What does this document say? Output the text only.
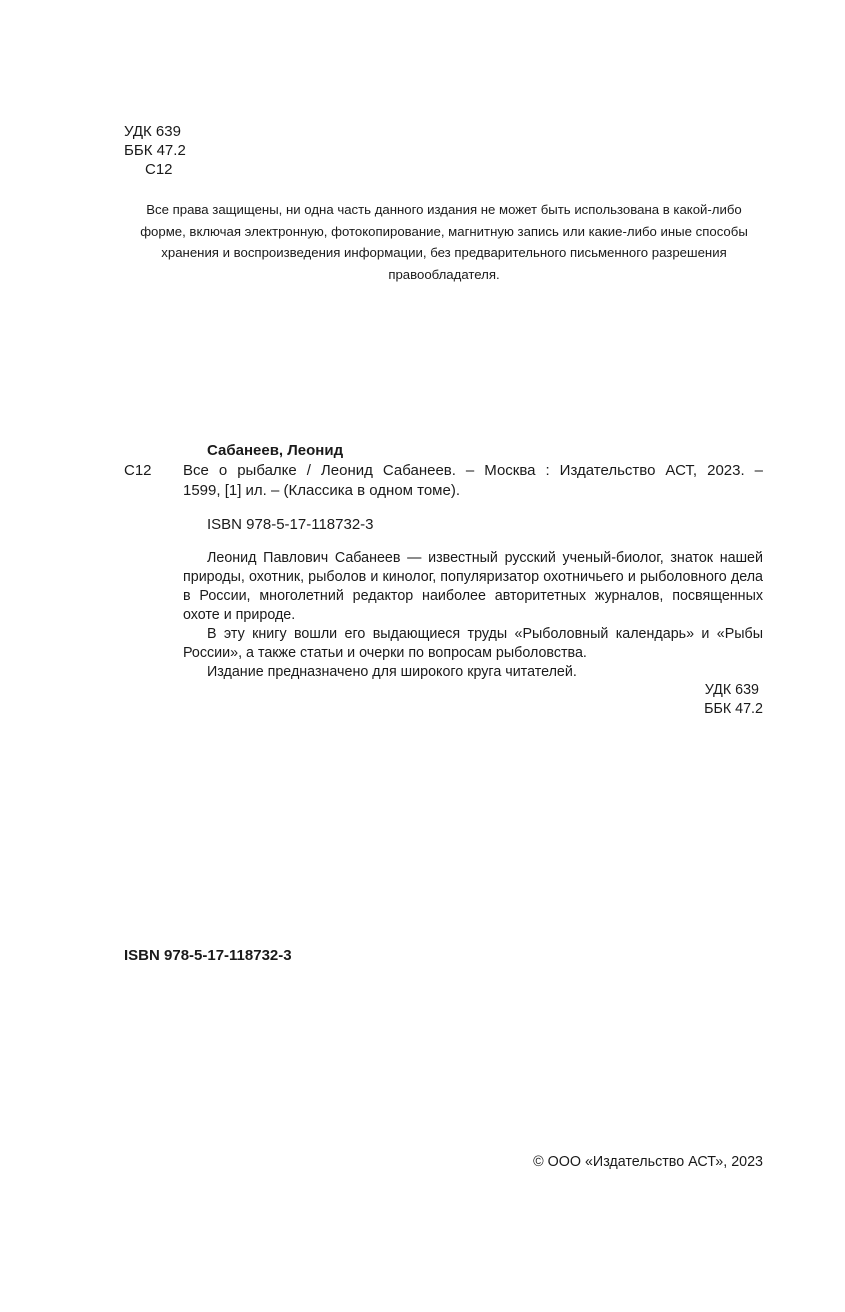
УДК 639
ББК 47.2
С12

Все права защищены, ни одна часть данного издания не может быть использована в какой-либо форме, включая электронную, фотокопирование, магнитную запись или какие-либо иные способы хранения и воспроизведения информации, без предварительного письменного разрешения правообладателя.

Сабанеев, Леонид
С12 Все о рыбалке / Леонид Сабанеев. – Москва : Издательство АСТ, 2023. –

1599, [1] ил. – (Классика в одном томе).

ISBN 978-5-17-118732-3

Леонид Павлович Сабанеев — известный русский ученый-биолог, знаток нашей природы, охотник, рыболов и кинолог, популяризатор охотничьего и рыболовного дела в России, многолетний редактор наиболее авторитетных журналов, посвященных охоте и природе.

В эту книгу вошли его выдающиеся труды «Рыболовный календарь» и «Рыбы России», а также статьи и очерки по вопросам рыболовства.

Издание предназначено для широкого круга читателей.

УДК 639
ББК 47.2
ISBN 978-5-17-118732-3
© ООО «Издательство АСТ», 2023
